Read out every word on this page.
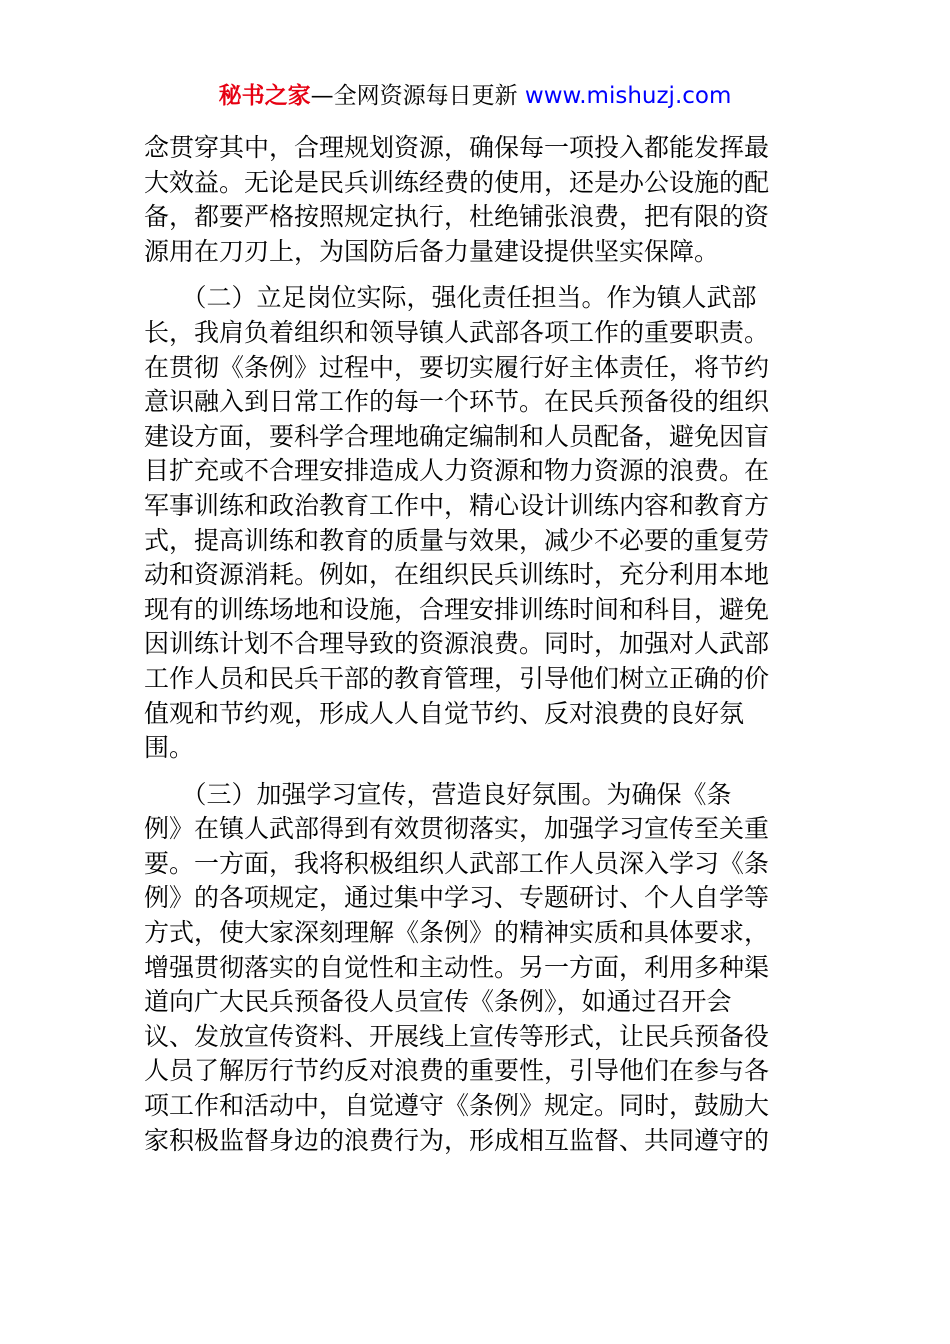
秘书之家—全网资源每日更新 www.mishuzj.com
念贯穿其中，合理规划资源，确保每一项投入都能发挥最
大效益。无论是民兵训练经费的使用，还是办公设施的配
备，都要严格按照规定执行，杜绝铺张浪费，把有限的资
源用在刀刃上，为国防后备力量建设提供坚实保障。
　　（二）立足岗位实际，强化责任担当。作为镇人武部
长，我肩负着组织和领导镇人武部各项工作的重要职责。
在贯彻《条例》过程中，要切实履行好主体责任，将节约
意识融入到日常工作的每一个环节。在民兵预备役的组织
建设方面，要科学合理地确定编制和人员配备，避免因盲
目扩充或不合理安排造成人力资源和物力资源的浪费。在
军事训练和政治教育工作中，精心设计训练内容和教育方
式，提高训练和教育的质量与效果，减少不必要的重复劳
动和资源消耗。例如，在组织民兵训练时，充分利用本地
现有的训练场地和设施，合理安排训练时间和科目，避免
因训练计划不合理导致的资源浪费。同时，加强对人武部
工作人员和民兵干部的教育管理，引导他们树立正确的价
值观和节约观，形成人人自觉节约、反对浪费的良好氛
围。
　　（三）加强学习宣传，营造良好氛围。为确保《条
例》在镇人武部得到有效贯彻落实，加强学习宣传至关重
要。一方面，我将积极组织人武部工作人员深入学习《条
例》的各项规定，通过集中学习、专题研讨、个人自学等
方式，使大家深刻理解《条例》的精神实质和具体要求，
增强贯彻落实的自觉性和主动性。另一方面，利用多种渠
道向广大民兵预备役人员宣传《条例》，如通过召开会
议、发放宣传资料、开展线上宣传等形式，让民兵预备役
人员了解厉行节约反对浪费的重要性，引导他们在参与各
项工作和活动中，自觉遵守《条例》规定。同时，鼓励大
家积极监督身边的浪费行为，形成相互监督、共同遵守的
